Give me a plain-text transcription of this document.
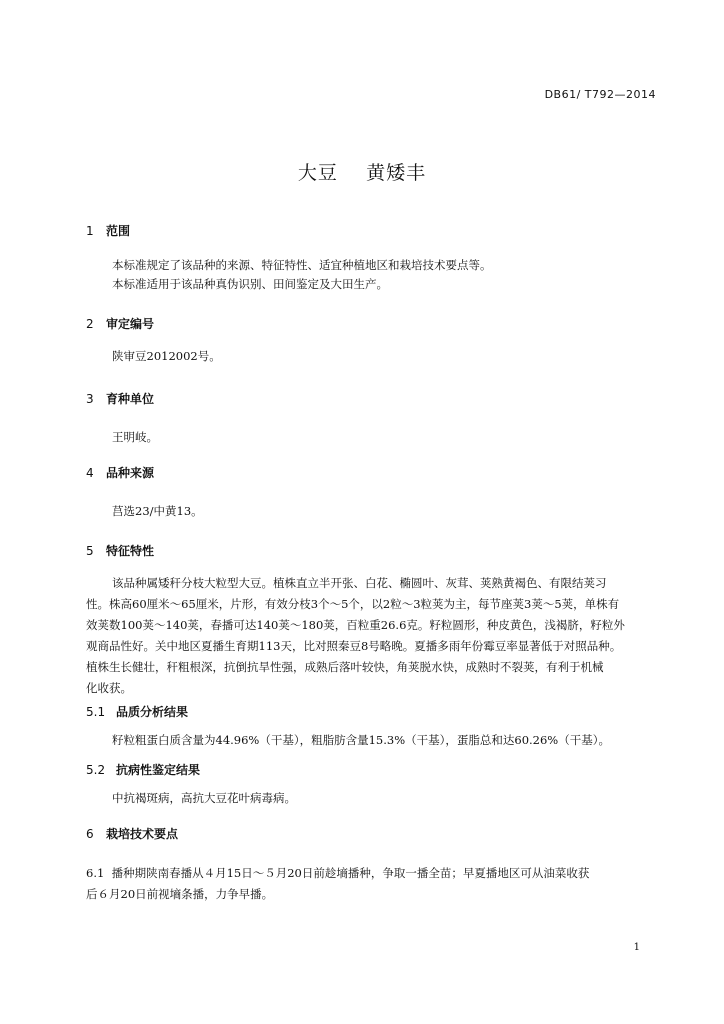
DB61/ T792—2014
大豆    黄矮丰
1 范围
本标准规定了该品种的来源、特征特性、适宜种植地区和栽培技术要点等。
本标准适用于该品种真伪识别、田间鉴定及大田生产。
2 审定编号
陕审豆2012002号。
3 育种单位
王明岐。
4 品种来源
莒选23/中黄13。
5 特征特性
该品种属矮秆分枝大粒型大豆。植株直立半开张、白花、椭圆叶、灰茸、荚熟黄褐色、有限结荚习
性。株高60厘米～65厘米，片形，有效分枝3个～5个，以2粒～3粒荚为主，每节座荚3荚～5荚，单株有
效荚数100荚～140荚，春播可达140荚～180荚，百粒重26.6克。籽粒圆形，种皮黄色，浅褐脐，籽粒外
观商品性好。关中地区夏播生育期113天，比对照秦豆8号略晚。夏播多雨年份霉豆率显著低于对照品种。
植株生长健壮，秆粗根深，抗倒抗旱性强，成熟后落叶较快，角荚脱水快，成熟时不裂荚，有利于机械
化收获。
5.1 品质分析结果
籽粒粗蛋白质含量为44.96%（干基），粗脂肪含量15.3%（干基），蛋脂总和达60.26%（干基）。
5.2 抗病性鉴定结果
中抗褐斑病，高抗大豆花叶病毒病。
6 栽培技术要点
6.1 播种期陕南春播从４月15日～５月20日前趁墒播种，争取一播全苗；早夏播地区可从油菜收获
后６月20日前视墒条播，力争早播。
1
